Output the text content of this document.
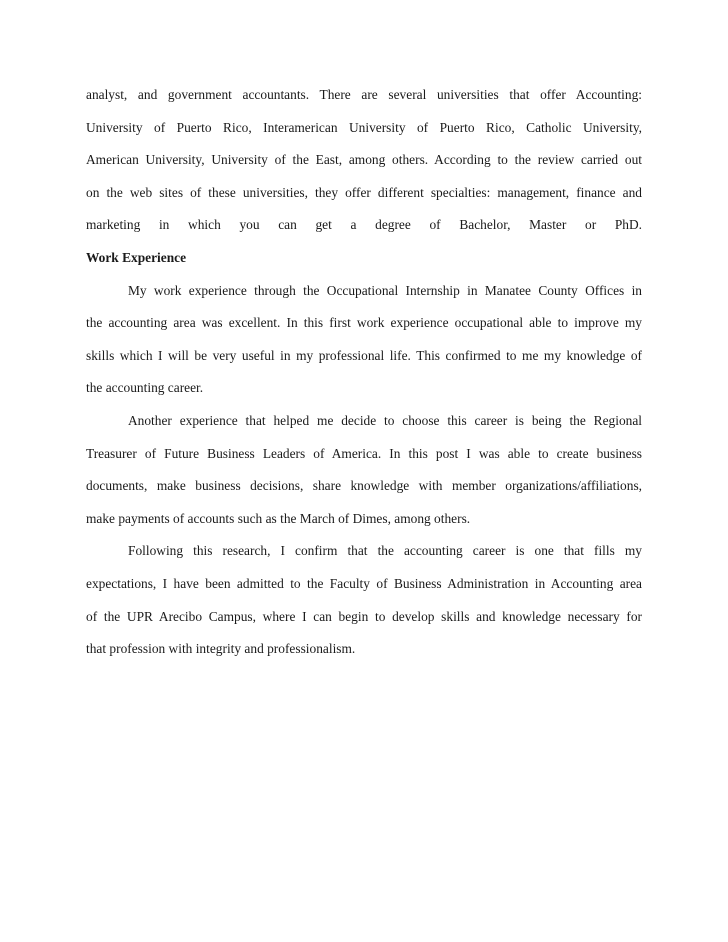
analyst, and government accountants. There are several universities that offer Accounting:
University of Puerto Rico, Interamerican University of Puerto Rico, Catholic University,
American University, University of the East, among others. According to the review carried out
on the web sites of these universities, they offer different specialties: management, finance and
marketing in which you can get a degree of Bachelor, Master or PhD.
Work Experience
My work experience through the Occupational Internship in Manatee County Offices in
the accounting area was excellent. In this first work experience occupational able to improve my
skills which I will be very useful in my professional life. This confirmed to me my knowledge of
the accounting career.
Another experience that helped me decide to choose this career is being the Regional
Treasurer of Future Business Leaders of America. In this post I was able to create business
documents, make business decisions, share knowledge with member organizations/affiliations,
make payments of accounts such as the March of Dimes, among others.
Following this research, I confirm that the accounting career is one that fills my
expectations, I have been admitted to the Faculty of Business Administration in Accounting area
of the UPR Arecibo Campus, where I can begin to develop skills and knowledge necessary for
that profession with integrity and professionalism.
